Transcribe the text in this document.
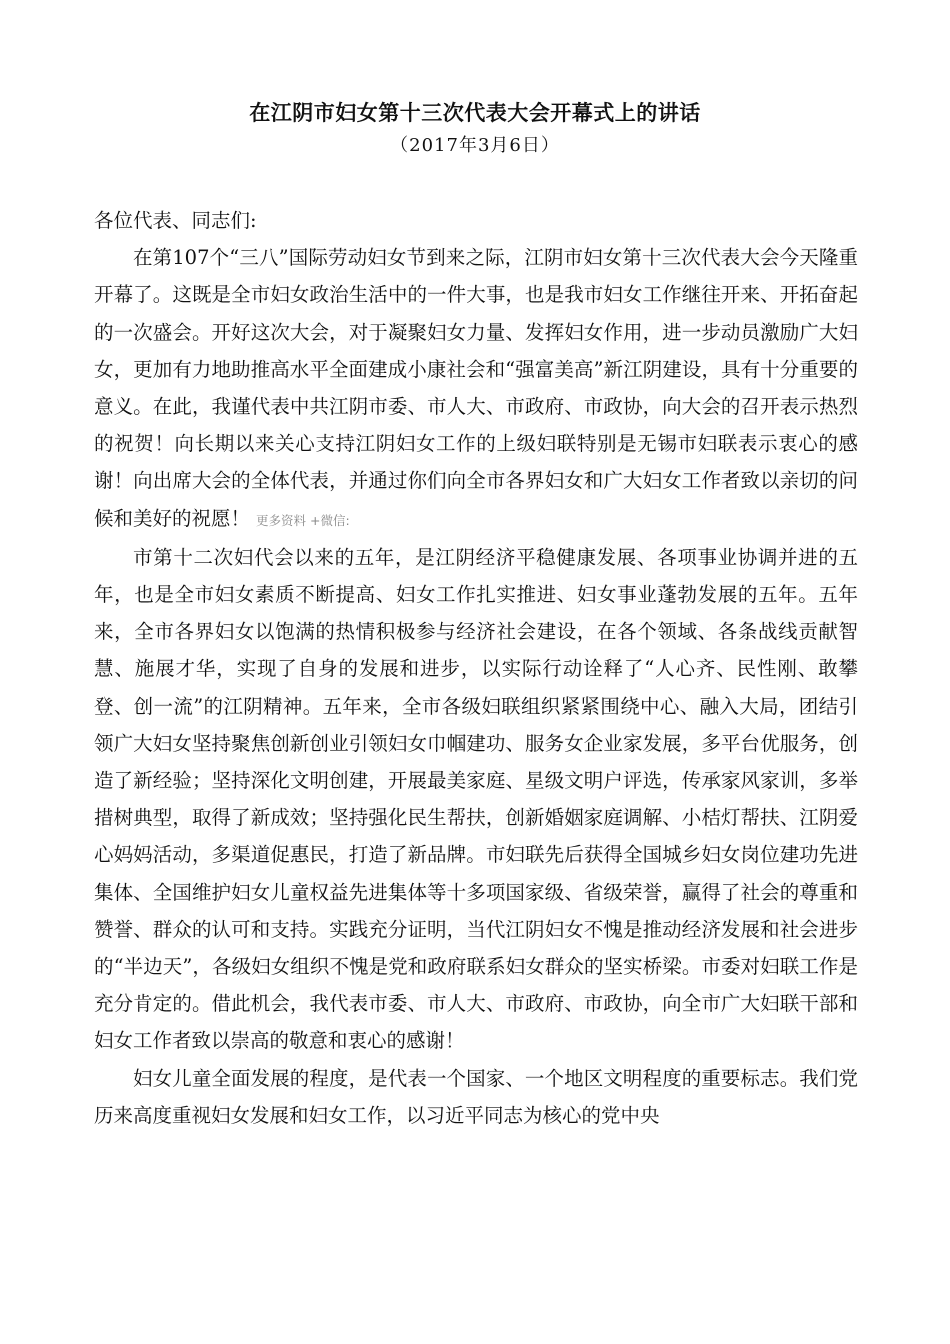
在江阴市妇女第十三次代表大会开幕式上的讲话
（2017年3月6日）

各位代表、同志们:

在第107个“三八”国际劳动妇女节到来之际，江阴市妇女第十三次代表大会今天隆重开幕了。这既是全市妇女政治生活中的一件大事，也是我市妇女工作继往开来、开拓奋起的一次盛会。开好这次大会，对于凝聚妇女力量、发挥妇女作用，进一步动员激励广大妇女，更加有力地助推高水平全面建成小康社会和“强富美高”新江阴建设，具有十分重要的意义。在此，我谨代表中共江阴市委、市人大、市政府、市政协，向大会的召开表示热烈的祝贺！向长期以来关心支持江阴妇女工作的上级妇联特别是无锡市妇联表示衷心的感谢！向出席大会的全体代表，并通过你们向全市各界妇女和广大妇女工作者致以亲切的问候和美好的祝愿！ 更多资料 +微信:

市第十二次妇代会以来的五年，是江阴经济平稳健康发展、各项事业协调并进的五年，也是全市妇女素质不断提高、妇女工作扎实推进、妇女事业蓬勃发展的五年。五年来，全市各界妇女以饱满的热情积极参与经济社会建设，在各个领域、各条战线贡献智慧、施展才华，实现了自身的发展和进步，以实际行动诠释了“人心齐、民性刚、敢攀登、创一流”的江阴精神。五年来，全市各级妇联组织紧紧围绕中心、融入大局，团结引领广大妇女坚持聚焦创新创业引领妇女巾帼建功、服务女企业家发展，多平台优服务，创造了新经验；坚持深化文明创建，开展最美家庭、星级文明户评选，传承家风家训，多举措树典型，取得了新成效；坚持强化民生帮扶，创新婚姻家庭调解、小桔灯帮扶、江阴爱心妈妈活动，多渠道促惠民，打造了新品牌。市妇联先后获得全国城乡妇女岗位建功先进集体、全国维护妇女儿童权益先进集体等十多项国家级、省级荣誉，赢得了社会的尊重和赞誉、群众的认可和支持。实践充分证明，当代江阴妇女不愧是推动经济发展和社会进步的“半边天”，各级妇女组织不愧是党和政府联系妇女群众的坚实桥梁。市委对妇联工作是充分肯定的。借此机会，我代表市委、市人大、市政府、市政协，向全市广大妇联干部和妇女工作者致以崇高的敬意和衷心的感谢！

妇女儿童全面发展的程度，是代表一个国家、一个地区文明程度的重要标志。我们党历来高度重视妇女发展和妇女工作，以习近平同志为核心的党中央
